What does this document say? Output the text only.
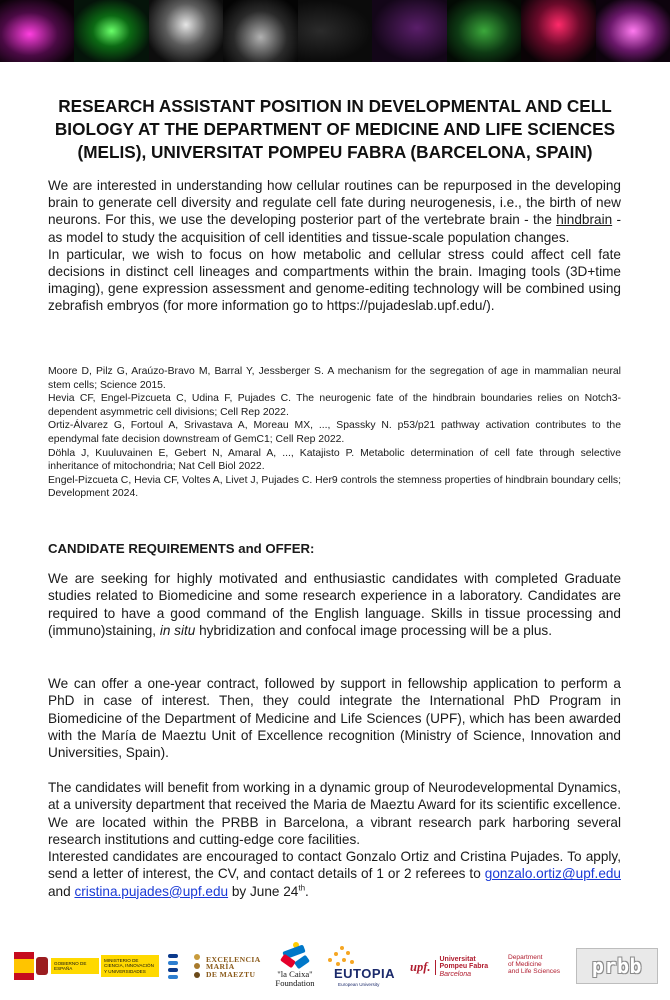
RESEARCH ASSISTANT POSITION IN DEVELOPMENTAL AND CELL BIOLOGY AT THE DEPARTMENT OF MEDICINE AND LIFE SCIENCES (MELIS), UNIVERSITAT POMPEU FABRA (BARCELONA, SPAIN)

We are interested in understanding how cellular routines can be repurposed in the developing brain to generate cell diversity and regulate cell fate during neurogenesis, i.e., the birth of new neurons. For this, we use the developing posterior part of the vertebrate brain - the hindbrain - as model to study the acquisition of cell identities and tissue-scale population changes.

In particular, we wish to focus on how metabolic and cellular stress could affect cell fate decisions in distinct cell lineages and compartments within the brain. Imaging tools (3D+time imaging), gene expression assessment and genome-editing technology will be combined using zebrafish embryos (for more information go to https://pujadeslab.upf.edu/).

Moore D, Pilz G, Araúzo-Bravo M, Barral Y, Jessberger S. A mechanism for the segregation of age in mammalian neural stem cells; Science 2015.
Hevia CF, Engel-Pizcueta C, Udina F, Pujades C. The neurogenic fate of the hindbrain boundaries relies on Notch3-dependent asymmetric cell divisions; Cell Rep 2022.
Ortiz-Álvarez G, Fortoul A, Srivastava A, Moreau MX, ..., Spassky N. p53/p21 pathway activation contributes to the ependymal fate decision downstream of GemC1; Cell Rep 2022.
Döhla J, Kuuluvainen E, Gebert N, Amaral A, ..., Katajisto P. Metabolic determination of cell fate through selective inheritance of mitochondria; Nat Cell Biol 2022.
Engel-Pizcueta C, Hevia CF, Voltes A, Livet J, Pujades C. Her9 controls the stemness properties of hindbrain boundary cells; Development 2024.
CANDIDATE REQUIREMENTS and OFFER:

We are seeking for highly motivated and enthusiastic candidates with completed Graduate studies related to Biomedicine and some research experience in a laboratory. Candidates are required to have a good command of the English language. Skills in tissue processing and (immuno)staining, in situ hybridization and confocal image processing will be a plus.

We can offer a one-year contract, followed by support in fellowship application to perform a PhD in case of interest. Then, they could integrate the International PhD Program in Biomedicine of the Department of Medicine and Life Sciences (UPF), which has been awarded with the María de Maeztu Unit of Excellence recognition (Ministry of Science, Innovation and Universities, Spain).

The candidates will benefit from working in a dynamic group of Neurodevelopmental Dynamics, at a university department that received the Maria de Maeztu Award for its scientific excellence. We are located within the PRBB in Barcelona, a vibrant research park harboring several research institutions and cutting-edge core facilities.
Interested candidates are encouraged to contact Gonzalo Ortiz and Cristina Pujades. To apply, send a letter of interest, the CV, and contact details of 1 or 2 referees to gonzalo.ortiz@upf.edu and cristina.pujades@upf.edu by June 24th.
GOBIERNO DE ESPAÑA
MINISTERIO DE CIENCIA, INNOVACIÓN Y UNIVERSIDADES
EXCELENCIA
MARÍA
DE MAEZTU	"la Caixa"
Foundation
EUTOPIA
European University
upf.
Universitat
Pompeu Fabra
Barcelona
Department
of Medicine
and Life Sciences	prbb
